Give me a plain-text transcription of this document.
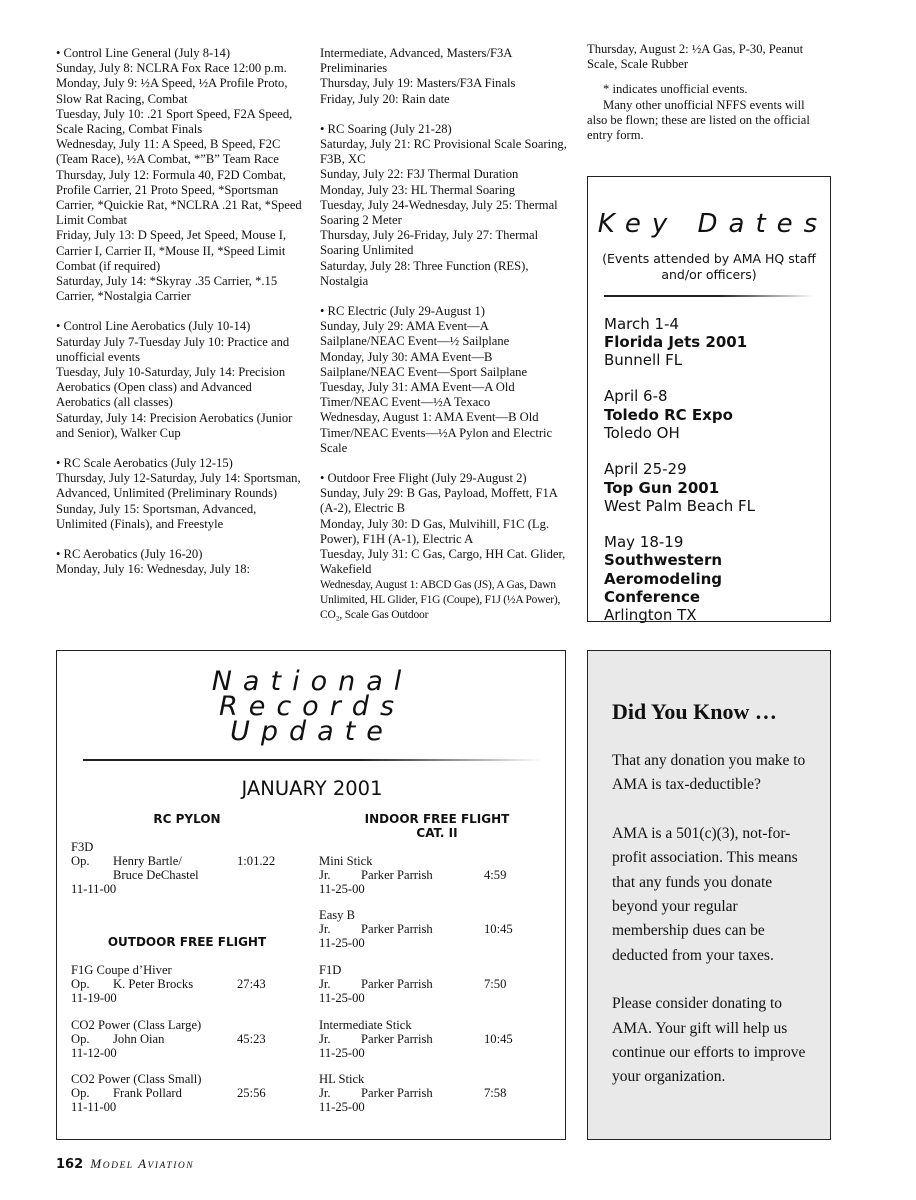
• Control Line General (July 8-14)

Sunday, July 8: NCLRA Fox Race 12:00 p.m.

Monday, July 9: ½A Speed, ½A Profile Proto, Slow Rat Racing, Combat

Tuesday, July 10: .21 Sport Speed, F2A Speed, Scale Racing, Combat Finals

Wednesday, July 11: A Speed, B Speed, F2C (Team Race), ½A Combat, *”B” Team Race

Thursday, July 12: Formula 40, F2D Combat, Profile Carrier, 21 Proto Speed, *Sportsman Carrier, *Quickie Rat, *NCLRA .21 Rat, *Speed Limit Combat

Friday, July 13: D Speed, Jet Speed, Mouse I, Carrier I, Carrier II, *Mouse II, *Speed Limit Combat (if required)

Saturday, July 14: *Skyray .35 Carrier, *.15 Carrier, *Nostalgia Carrier

• Control Line Aerobatics (July 10-14)

Saturday July 7-Tuesday July 10: Practice and unofficial events

Tuesday, July 10-Saturday, July 14: Precision Aerobatics (Open class) and Advanced Aerobatics (all classes)

Saturday, July 14: Precision Aerobatics (Junior and Senior), Walker Cup

• RC Scale Aerobatics (July 12-15)

Thursday, July 12-Saturday, July 14: Sportsman, Advanced, Unlimited (Preliminary Rounds)

Sunday, July 15: Sportsman, Advanced, Unlimited (Finals), and Freestyle

• RC Aerobatics (July 16-20)

Monday, July 16: Wednesday, July 18:

Intermediate, Advanced, Masters/F3A Preliminaries

Thursday, July 19: Masters/F3A Finals

Friday, July 20: Rain date

• RC Soaring (July 21-28)

Saturday, July 21: RC Provisional Scale Soaring, F3B, XC

Sunday, July 22: F3J Thermal Duration

Monday, July 23: HL Thermal Soaring

Tuesday, July 24-Wednesday, July 25: Thermal Soaring 2 Meter

Thursday, July 26-Friday, July 27: Thermal Soaring Unlimited

Saturday, July 28: Three Function (RES), Nostalgia

• RC Electric (July 29-August 1)

Sunday, July 29: AMA Event—A Sailplane/NEAC Event—½ Sailplane

Monday, July 30: AMA Event—B Sailplane/NEAC Event—Sport Sailplane

Tuesday, July 31: AMA Event—A Old Timer/NEAC Event—½A Texaco

Wednesday, August 1: AMA Event—B Old Timer/NEAC Events—½A Pylon and Electric Scale

• Outdoor Free Flight (July 29-August 2)

Sunday, July 29: B Gas, Payload, Moffett, F1A (A-2), Electric B

Monday, July 30: D Gas, Mulvihill, F1C (Lg. Power), F1H (A-1), Electric A

Tuesday, July 31: C Gas, Cargo, HH Cat. Glider, Wakefield

Wednesday, August 1: ABCD Gas (JS), A Gas, Dawn Unlimited, HL Glider, F1G (Coupe), F1J (½A Power), CO₂, Scale Gas Outdoor

Thursday, August 2: ½A Gas, P-30, Peanut Scale, Scale Rubber

* indicates unofficial events.

Many other unofficial NFFS events will also be flown; these are listed on the official entry form.

Key Dates
(Events attended by AMA HQ staff and/or officers)
March 1-4
Florida Jets 2001
Bunnell FL
April 6-8
Toledo RC Expo
Toledo OH
April 25-29
Top Gun 2001
West Palm Beach FL
May 18-19
Southwestern Aeromodeling Conference
Arlington TX
National
Records
Update
JANUARY 2001
RC PYLON	INDOOR FREE FLIGHT CAT. II
OUTDOOR FREE FLIGHT
F3D
Op. Henry Bartle/	1:01.22
Bruce DeChastel
11-11-00
F1G Coupe d’Hiver
Op. K. Peter Brocks	27:43
11-19-00
CO2 Power (Class Large)
Op. John Oian	45:23
11-12-00
CO2 Power (Class Small)
Op. Frank Pollard	25:56
11-11-00
Mini Stick
Jr. Parker Parrish	4:59
11-25-00
Easy B
Jr. Parker Parrish	10:45
11-25-00
F1D
Jr. Parker Parrish	7:50
11-25-00
Intermediate Stick
Jr. Parker Parrish	10:45
11-25-00
HL Stick
Jr. Parker Parrish	7:58
11-25-00
Did You Know …

That any donation you make to AMA is tax-deductible?

AMA is a 501(c)(3), not-for-profit association. This means that any funds you donate beyond your regular membership dues can be deducted from your taxes.

Please consider donating to AMA. Your gift will help us continue our efforts to improve your organization.

162 MODEL AVIATION
